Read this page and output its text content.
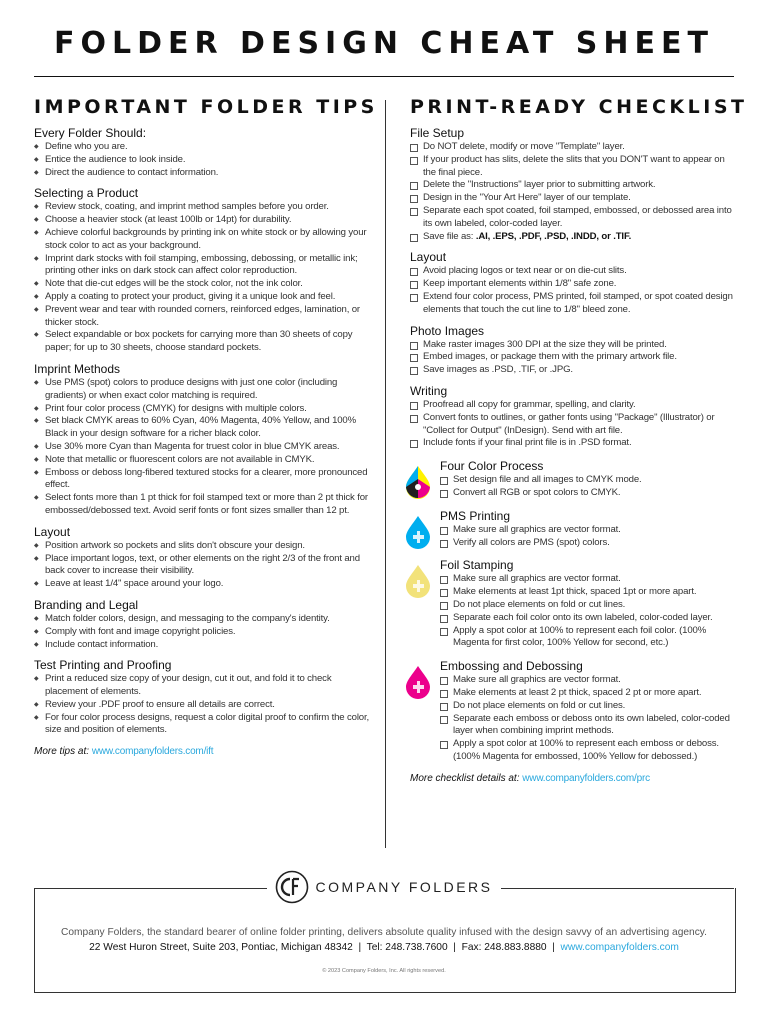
FOLDER DESIGN CHEAT SHEET
IMPORTANT FOLDER TIPS
Every Folder Should:
◆ Define who you are.
◆ Entice the audience to look inside.
◆ Direct the audience to contact information.
Selecting a Product
◆ Review stock, coating, and imprint method samples before you order.
◆ Choose a heavier stock (at least 100lb or 14pt) for durability.
◆ Achieve colorful backgrounds by printing ink on white stock or by allowing your stock color to act as your background.
◆ Imprint dark stocks with foil stamping, embossing, debossing, or metallic ink; printing other inks on dark stock can affect color reproduction.
◆ Note that die-cut edges will be the stock color, not the ink color.
◆ Apply a coating to protect your product, giving it a unique look and feel.
◆ Prevent wear and tear with rounded corners, reinforced edges, lamination, or thicker stock.
◆ Select expandable or box pockets for carrying more than 30 sheets of copy paper; for up to 30 sheets, choose standard pockets.
Imprint Methods
◆ Use PMS (spot) colors to produce designs with just one color (including gradients) or when exact color matching is required.
◆ Print four color process (CMYK) for designs with multiple colors.
◆ Set black CMYK areas to 60% Cyan, 40% Magenta, 40% Yellow, and 100% Black in your design software for a richer black color.
◆ Use 30% more Cyan than Magenta for truest color in blue CMYK areas.
◆ Note that metallic or fluorescent colors are not available in CMYK.
◆ Emboss or deboss long-fibered textured stocks for a clearer, more pronounced effect.
◆ Select fonts more than 1 pt thick for foil stamped text or more than 2 pt thick for embossed/debossed text. Avoid serif fonts or font sizes smaller than 12 pt.
Layout
◆ Position artwork so pockets and slits don't obscure your design.
◆ Place important logos, text, or other elements on the right 2/3 of the front and back cover to increase their visibility.
◆ Leave at least 1/4" space around your logo.
Branding and Legal
◆ Match folder colors, design, and messaging to the company's identity.
◆ Comply with font and image copyright policies.
◆ Include contact information.
Test Printing and Proofing
◆ Print a reduced size copy of your design, cut it out, and fold it to check placement of elements.
◆ Review your .PDF proof to ensure all details are correct.
◆ For four color process designs, request a color digital proof to confirm the color, size and position of elements.
More tips at: www.companyfolders.com/ift
PRINT-READY CHECKLIST
File Setup
Do NOT delete, modify or move "Template" layer.
If your product has slits, delete the slits that you DON'T want to appear on the final piece.
Delete the "Instructions" layer prior to submitting artwork.
Design in the "Your Art Here" layer of our template.
Separate each spot coated, foil stamped, embossed, or debossed area into its own labeled, color-coded layer.
Save file as: .AI, .EPS, .PDF, .PSD, .INDD, or .TIF.
Layout
Avoid placing logos or text near or on die-cut slits.
Keep important elements within 1/8" safe zone.
Extend four color process, PMS printed, foil stamped, or spot coated design elements that touch the cut line to 1/8" bleed zone.
Photo Images
Make raster images 300 DPI at the size they will be printed.
Embed images, or package them with the primary artwork file.
Save images as .PSD, .TIF, or .JPG.
Writing
Proofread all copy for grammar, spelling, and clarity.
Convert fonts to outlines, or gather fonts using "Package" (Illustrator) or "Collect for Output" (InDesign). Send with art file.
Include fonts if your final print file is in .PSD format.
Four Color Process
Set design file and all images to CMYK mode.
Convert all RGB or spot colors to CMYK.
PMS Printing
Make sure all graphics are vector format.
Verify all colors are PMS (spot) colors.
Foil Stamping
Make sure all graphics are vector format.
Make elements at least 1pt thick, spaced 1pt or more apart.
Do not place elements on fold or cut lines.
Separate each foil color onto its own labeled, color-coded layer.
Apply a spot color at 100% to represent each foil color. (100% Magenta for first color, 100% Yellow for second, etc.)
Embossing and Debossing
Make sure all graphics are vector format.
Make elements at least 2 pt thick, spaced 2 pt or more apart.
Do not place elements on fold or cut lines.
Separate each emboss or deboss onto its own labeled, color-coded layer when combining imprint methods.
Apply a spot color at 100% to represent each emboss or deboss. (100% Magenta for embossed, 100% Yellow for debossed.)
More checklist details at: www.companyfolders.com/prc
COMPANY FOLDERS
Company Folders, the standard bearer of online folder printing, delivers absolute quality infused with the design savvy of an advertising agency.
22 West Huron Street, Suite 203, Pontiac, Michigan 48342  |  Tel: 248.738.7600  |  Fax: 248.883.8880  |  www.companyfolders.com
© 2023 Company Folders, Inc. All rights reserved.
